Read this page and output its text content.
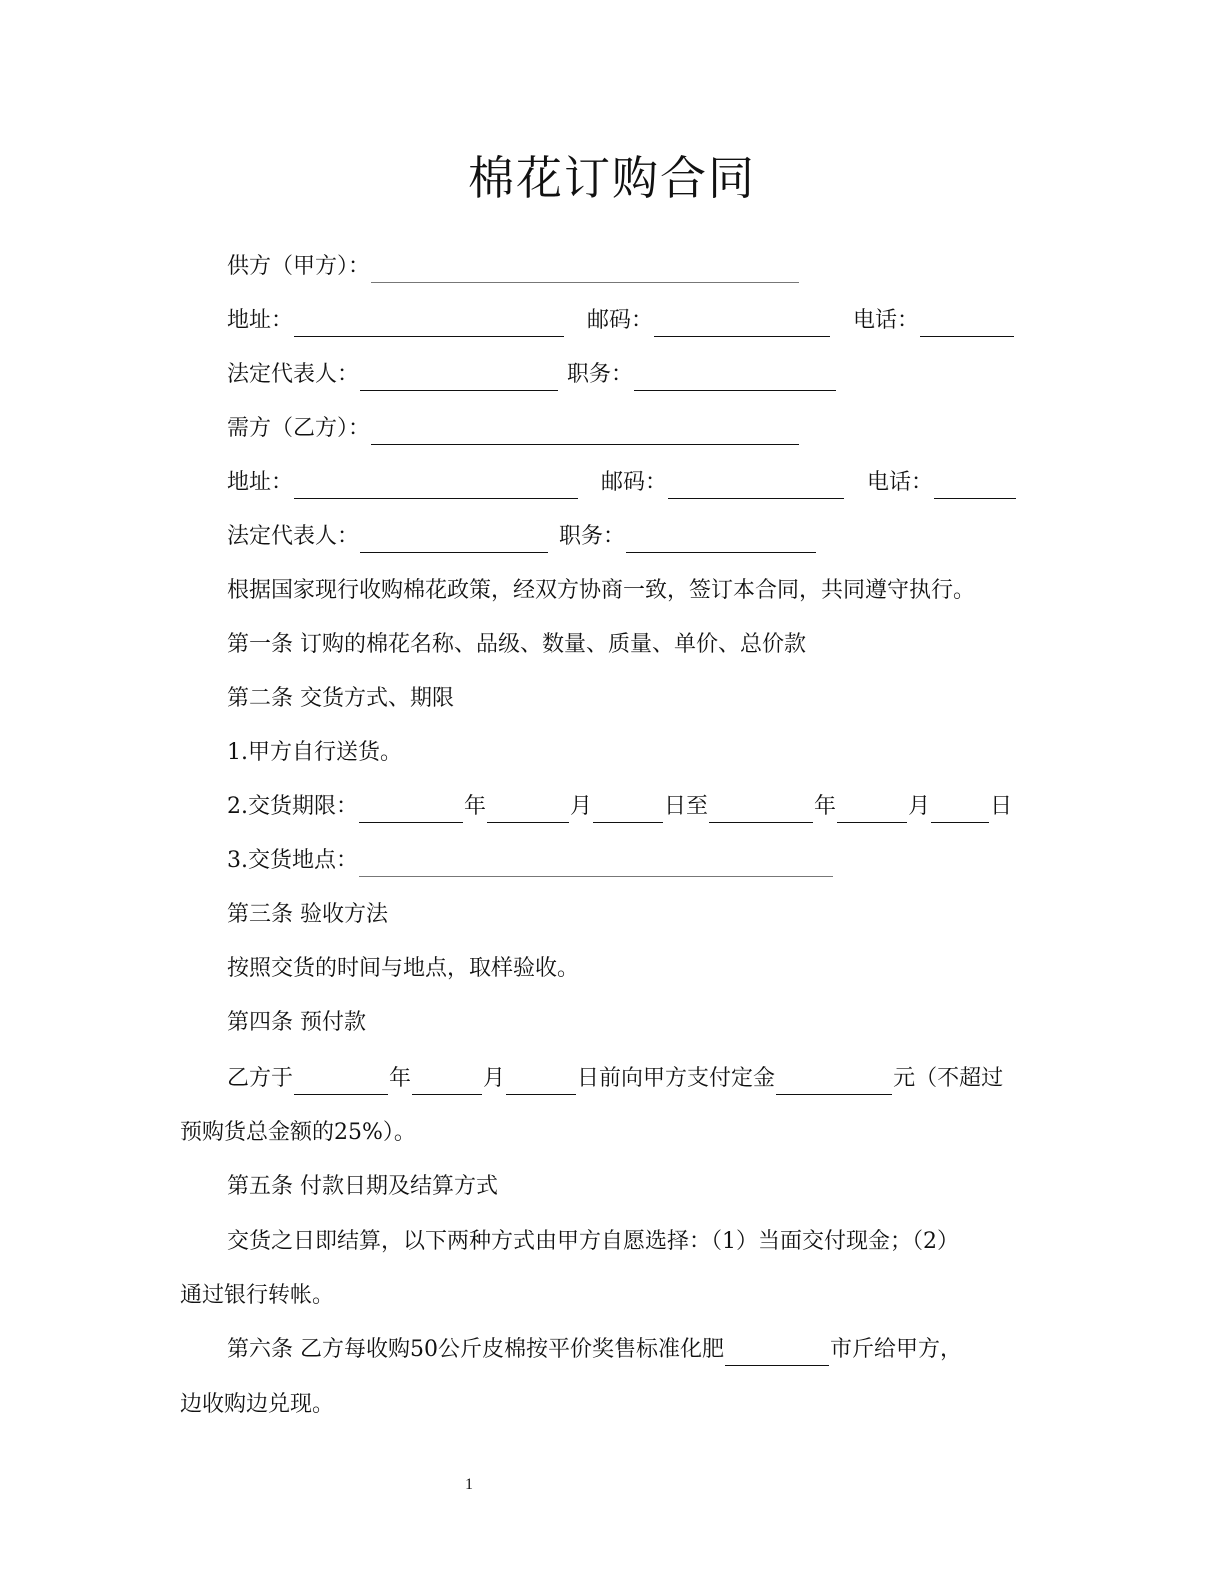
棉花订购合同
供方（甲方）：
地址：	邮码：	电话：
法定代表人：	职务：
需方（乙方）：
地址：	邮码：	电话：
法定代表人：	职务：
根据国家现行收购棉花政策，经双方协商一致，签订本合同，共同遵守执行。
第一条 订购的棉花名称、品级、数量、质量、单价、总价款
第二条 交货方式、期限
1.甲方自行送货。
2.交货期限：	年	月	日至	年	月	日
3.交货地点：
第三条 验收方法
按照交货的时间与地点，取样验收。
第四条 预付款
乙方于	年	月	日前向甲方支付定金	元（不超过
预购货总金额的25%）。
第五条 付款日期及结算方式
交货之日即结算，以下两种方式由甲方自愿选择：（1）当面交付现金；（2）
通过银行转帐。
第六条 乙方每收购50公斤皮棉按平价奖售标准化肥	市斤给甲方，
边收购边兑现。
1
